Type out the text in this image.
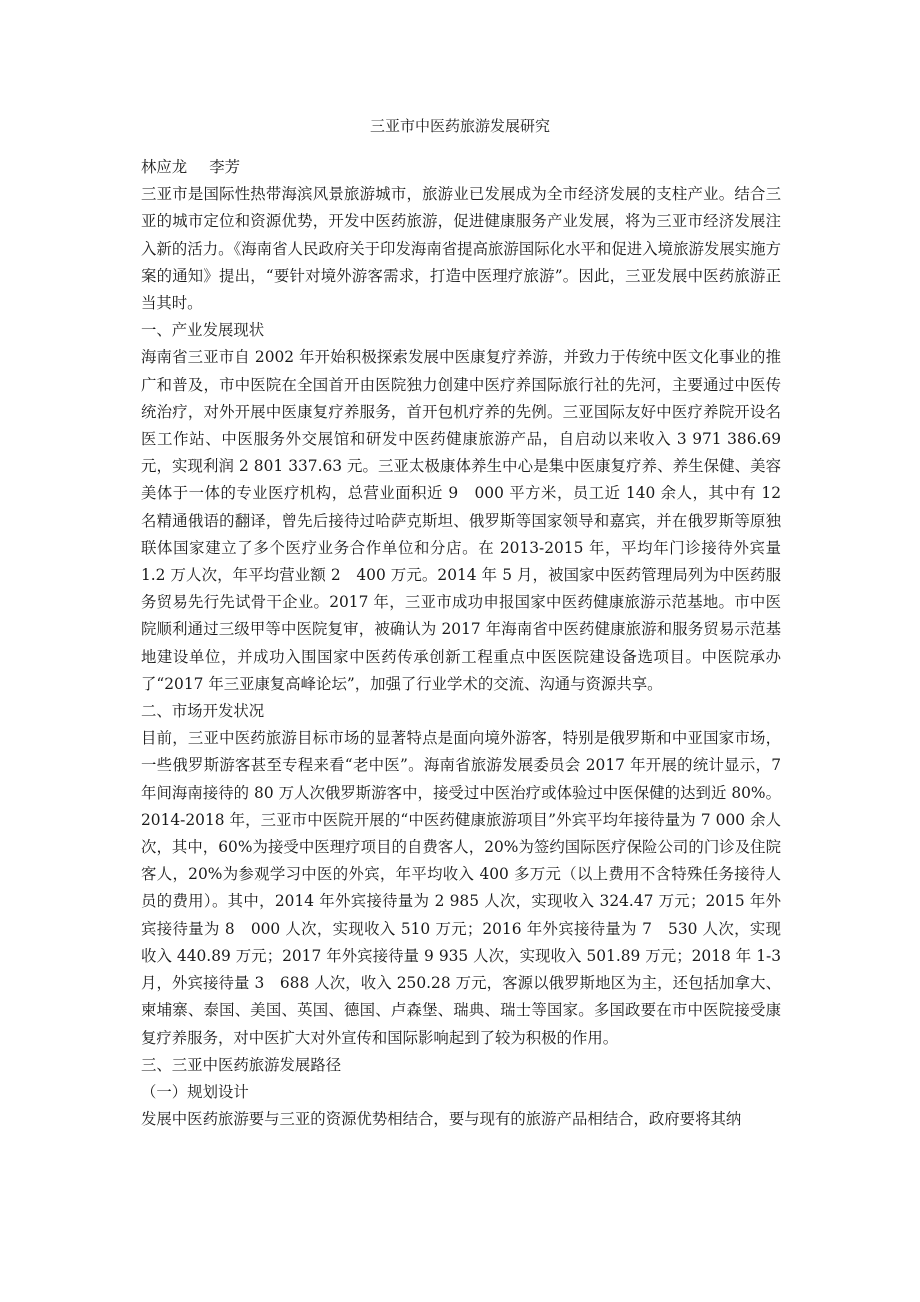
三亚市中医药旅游发展研究

林应龙 李芳

三亚市是国际性热带海滨风景旅游城市，旅游业已发展成为全市经济发展的支柱产业。结合三亚的城市定位和资源优势，开发中医药旅游，促进健康服务产业发展，将为三亚市经济发展注入新的活力。《海南省人民政府关于印发海南省提高旅游国际化水平和促进入境旅游发展实施方案的通知》提出，“要针对境外游客需求，打造中医理疗旅游”。因此，三亚发展中医药旅游正当其时。

一、产业发展现状

海南省三亚市自 2002 年开始积极探索发展中医康复疗养游，并致力于传统中医文化事业的推广和普及，市中医院在全国首开由医院独力创建中医疗养国际旅行社的先河，主要通过中医传统治疗，对外开展中医康复疗养服务，首开包机疗养的先例。三亚国际友好中医疗养院开设名医工作站、中医服务外交展馆和研发中医药健康旅游产品，自启动以来收入 3 971 386.69 元，实现利润 2 801 337.63 元。三亚太极康体养生中心是集中医康复疗养、养生保健、美容美体于一体的专业医疗机构，总营业面积近 9　000 平方米，员工近 140 余人，其中有 12 名精通俄语的翻译，曾先后接待过哈萨克斯坦、俄罗斯等国家领导和嘉宾，并在俄罗斯等原独联体国家建立了多个医疗业务合作单位和分店。在 2013-2015 年，平均年门诊接待外宾量 1.2 万人次，年平均营业额 2　400 万元。2014 年 5 月，被国家中医药管理局列为中医药服务贸易先行先试骨干企业。2017 年，三亚市成功申报国家中医药健康旅游示范基地。市中医院顺利通过三级甲等中医院复审，被确认为 2017 年海南省中医药健康旅游和服务贸易示范基地建设单位，并成功入围国家中医药传承创新工程重点中医医院建设备选项目。中医院承办了“2017 年三亚康复高峰论坛”，加强了行业学术的交流、沟通与资源共享。

二、市场开发状况

目前，三亚中医药旅游目标市场的显著特点是面向境外游客，特别是俄罗斯和中亚国家市场，一些俄罗斯游客甚至专程来看“老中医”。海南省旅游发展委员会 2017 年开展的统计显示，7 年间海南接待的 80 万人次俄罗斯游客中，接受过中医治疗或体验过中医保健的达到近 80%。2014-2018 年，三亚市中医院开展的“中医药健康旅游项目”外宾平均年接待量为 7 000 余人次，其中，60%为接受中医理疗项目的自费客人，20%为签约国际医疗保险公司的门诊及住院客人，20%为参观学习中医的外宾，年平均收入 400 多万元（以上费用不含特殊任务接待人员的费用）。其中，2014 年外宾接待量为 2 985 人次，实现收入 324.47 万元；2015 年外宾接待量为 8　000 人次，实现收入 510 万元；2016 年外宾接待量为 7　530 人次，实现收入 440.89 万元；2017 年外宾接待量 9 935 人次，实现收入 501.89 万元；2018 年 1-3 月，外宾接待量 3　688 人次，收入 250.28 万元，客源以俄罗斯地区为主，还包括加拿大、柬埔寨、泰国、美国、英国、德国、卢森堡、瑞典、瑞士等国家。多国政要在市中医院接受康复疗养服务，对中医扩大对外宣传和国际影响起到了较为积极的作用。

三、三亚中医药旅游发展路径

（一）规划设计

发展中医药旅游要与三亚的资源优势相结合，要与现有的旅游产品相结合，政府要将其纳
